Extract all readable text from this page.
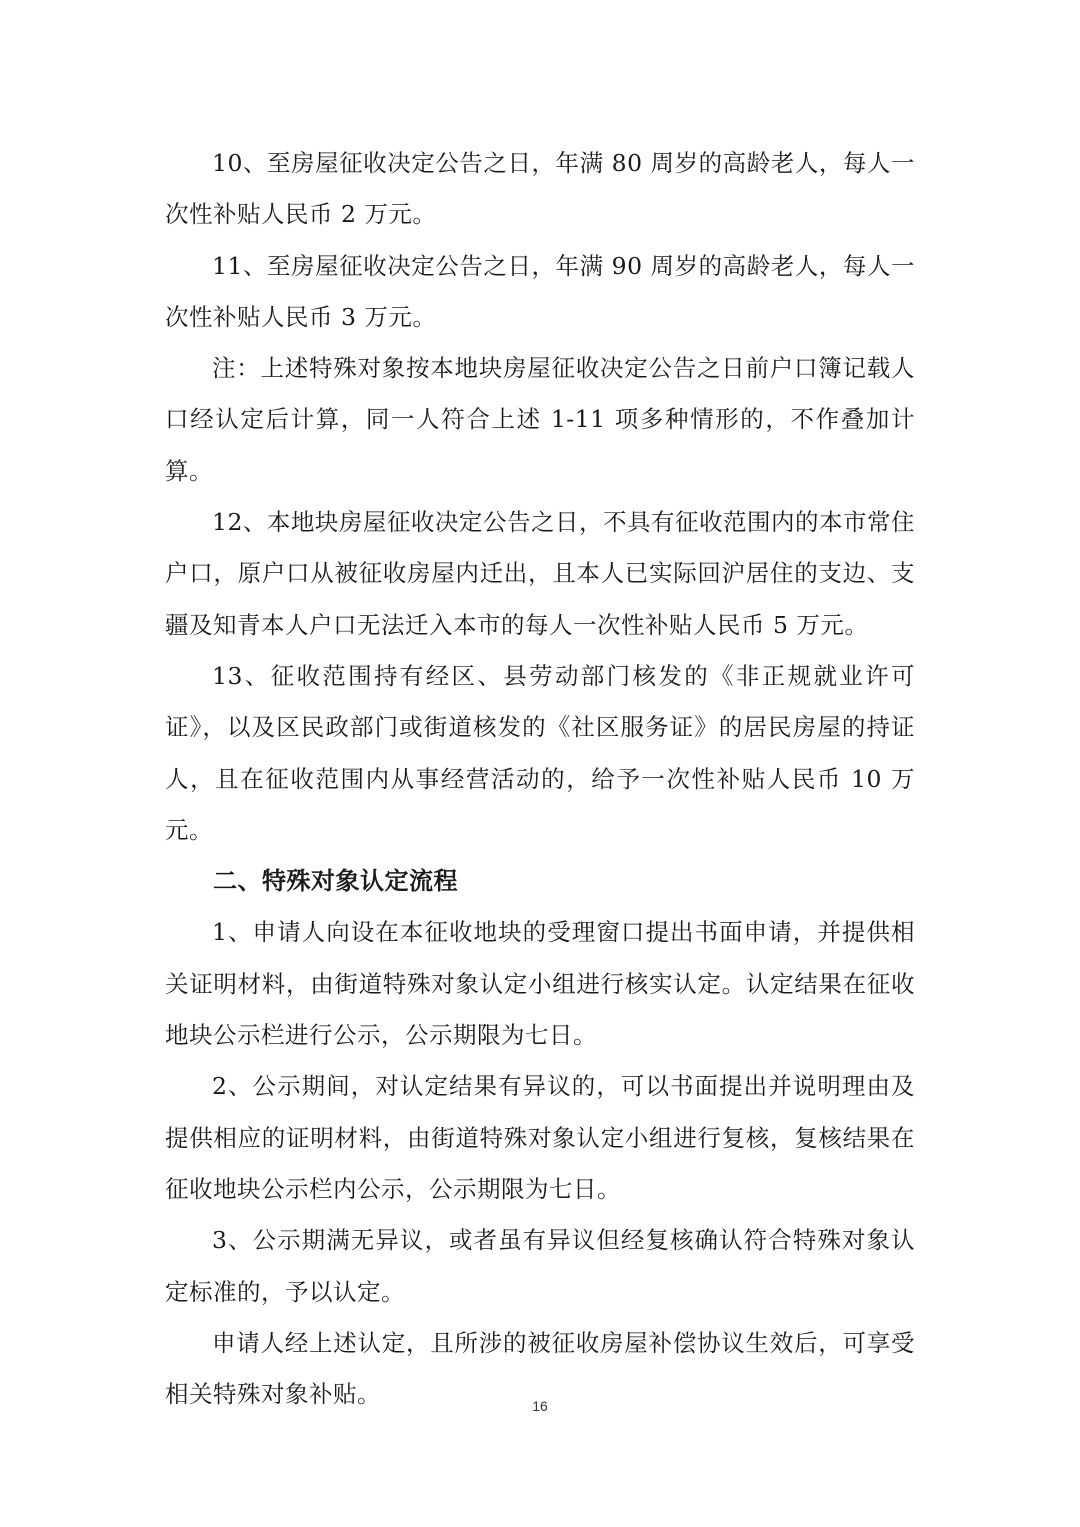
10、至房屋征收决定公告之日，年满 80 周岁的高龄老人，每人一次性补贴人民币 2 万元。

11、至房屋征收决定公告之日，年满 90 周岁的高龄老人，每人一次性补贴人民币 3 万元。

注：上述特殊对象按本地块房屋征收决定公告之日前户口簿记载人口经认定后计算，同一人符合上述 1-11 项多种情形的，不作叠加计算。

12、本地块房屋征收决定公告之日，不具有征收范围内的本市常住户口，原户口从被征收房屋内迁出，且本人已实际回沪居住的支边、支疆及知青本人户口无法迁入本市的每人一次性补贴人民币 5 万元。

13、征收范围持有经区、县劳动部门核发的《非正规就业许可证》，以及区民政部门或街道核发的《社区服务证》的居民房屋的持证人，且在征收范围内从事经营活动的，给予一次性补贴人民币 10 万元。

二、特殊对象认定流程

1、申请人向设在本征收地块的受理窗口提出书面申请，并提供相关证明材料，由街道特殊对象认定小组进行核实认定。认定结果在征收地块公示栏进行公示，公示期限为七日。

2、公示期间，对认定结果有异议的，可以书面提出并说明理由及提供相应的证明材料，由街道特殊对象认定小组进行复核，复核结果在征收地块公示栏内公示，公示期限为七日。

3、公示期满无异议，或者虽有异议但经复核确认符合特殊对象认定标准的，予以认定。

申请人经上述认定，且所涉的被征收房屋补偿协议生效后，可享受相关特殊对象补贴。	16
